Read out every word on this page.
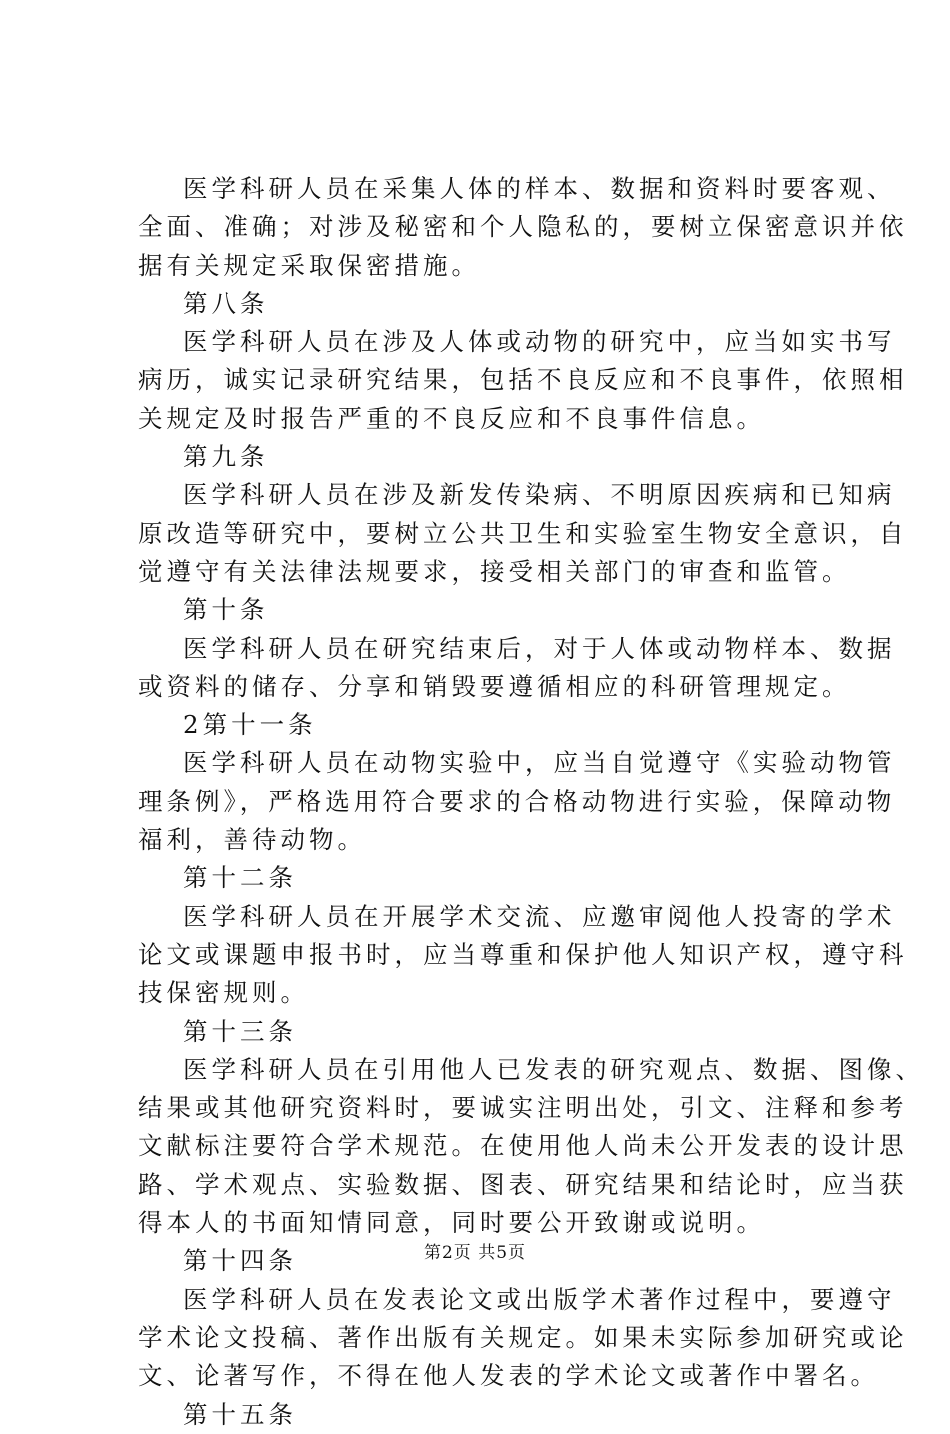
医学科研人员在采集人体的样本、数据和资料时要客观、
全面、准确；对涉及秘密和个人隐私的，要树立保密意识并依
据有关规定采取保密措施。
第八条
医学科研人员在涉及人体或动物的研究中，应当如实书写
病历，诚实记录研究结果，包括不良反应和不良事件，依照相
关规定及时报告严重的不良反应和不良事件信息。
第九条
医学科研人员在涉及新发传染病、不明原因疾病和已知病
原改造等研究中，要树立公共卫生和实验室生物安全意识，自
觉遵守有关法律法规要求，接受相关部门的审查和监管。
第十条
医学科研人员在研究结束后，对于人体或动物样本、数据
或资料的储存、分享和销毁要遵循相应的科研管理规定。
2第十一条
医学科研人员在动物实验中，应当自觉遵守《实验动物管
理条例》，严格选用符合要求的合格动物进行实验，保障动物
福利，善待动物。
第十二条
医学科研人员在开展学术交流、应邀审阅他人投寄的学术
论文或课题申报书时，应当尊重和保护他人知识产权，遵守科
技保密规则。
第十三条
医学科研人员在引用他人已发表的研究观点、数据、图像、
结果或其他研究资料时，要诚实注明出处，引文、注释和参考
文献标注要符合学术规范。在使用他人尚未公开发表的设计思
路、学术观点、实验数据、图表、研究结果和结论时，应当获
得本人的书面知情同意，同时要公开致谢或说明。
第十四条
医学科研人员在发表论文或出版学术著作过程中，要遵守
学术论文投稿、著作出版有关规定。如果未实际参加研究或论
文、论著写作，不得在他人发表的学术论文或著作中署名。
第十五条
第2页 共5页
